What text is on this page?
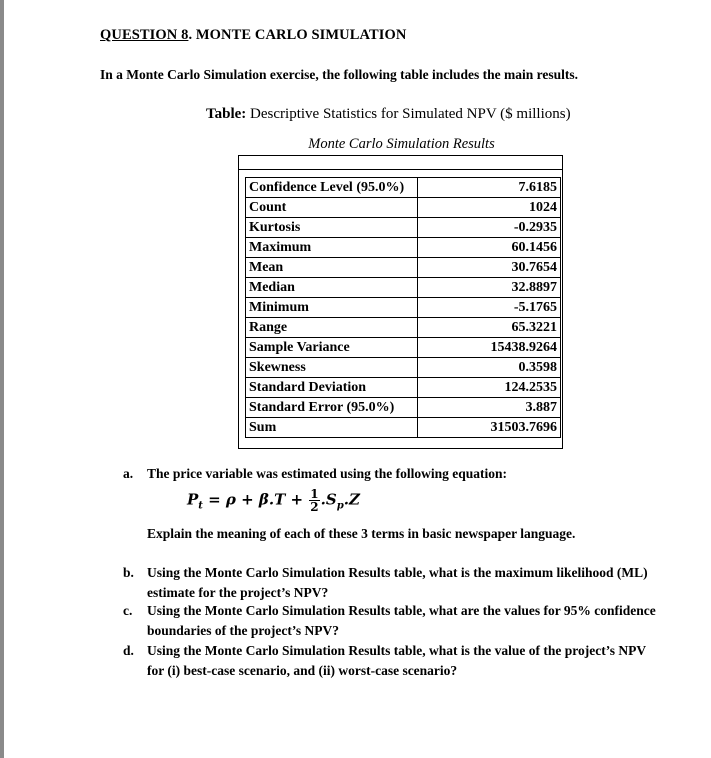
QUESTION 8. MONTE CARLO SIMULATION
In a Monte Carlo Simulation exercise, the following table includes the main results.
Table: Descriptive Statistics for Simulated NPV ($ millions)
Monte Carlo Simulation Results
Confidence Level (95.0%)	7.6185
Count	1024
Kurtosis	-0.2935
Maximum	60.1456
Mean	30.7654
Median	32.8897
Minimum	-5.1765
Range	65.3221
Sample Variance	15438.9264
Skewness	0.3598
Standard Deviation	124.2535
Standard Error (95.0%)	3.887
Sum	31503.7696
a.	The price variable was estimated using the following equation:
$P_t = \rho + \beta.T + \frac{1}{2} .S_p.Z$
Explain the meaning of each of these 3 terms in basic newspaper language.
b. Using the Monte Carlo Simulation Results table, what is the maximum likelihood (ML)
estimate for the project’s NPV?
c.	Using the Monte Carlo Simulation Results table, what are the values for 95% confidence
boundaries of the project’s NPV?
d. Using the Monte Carlo Simulation Results table, what is the value of the project’s NPV
for (i) best-case scenario, and (ii) worst-case scenario?
